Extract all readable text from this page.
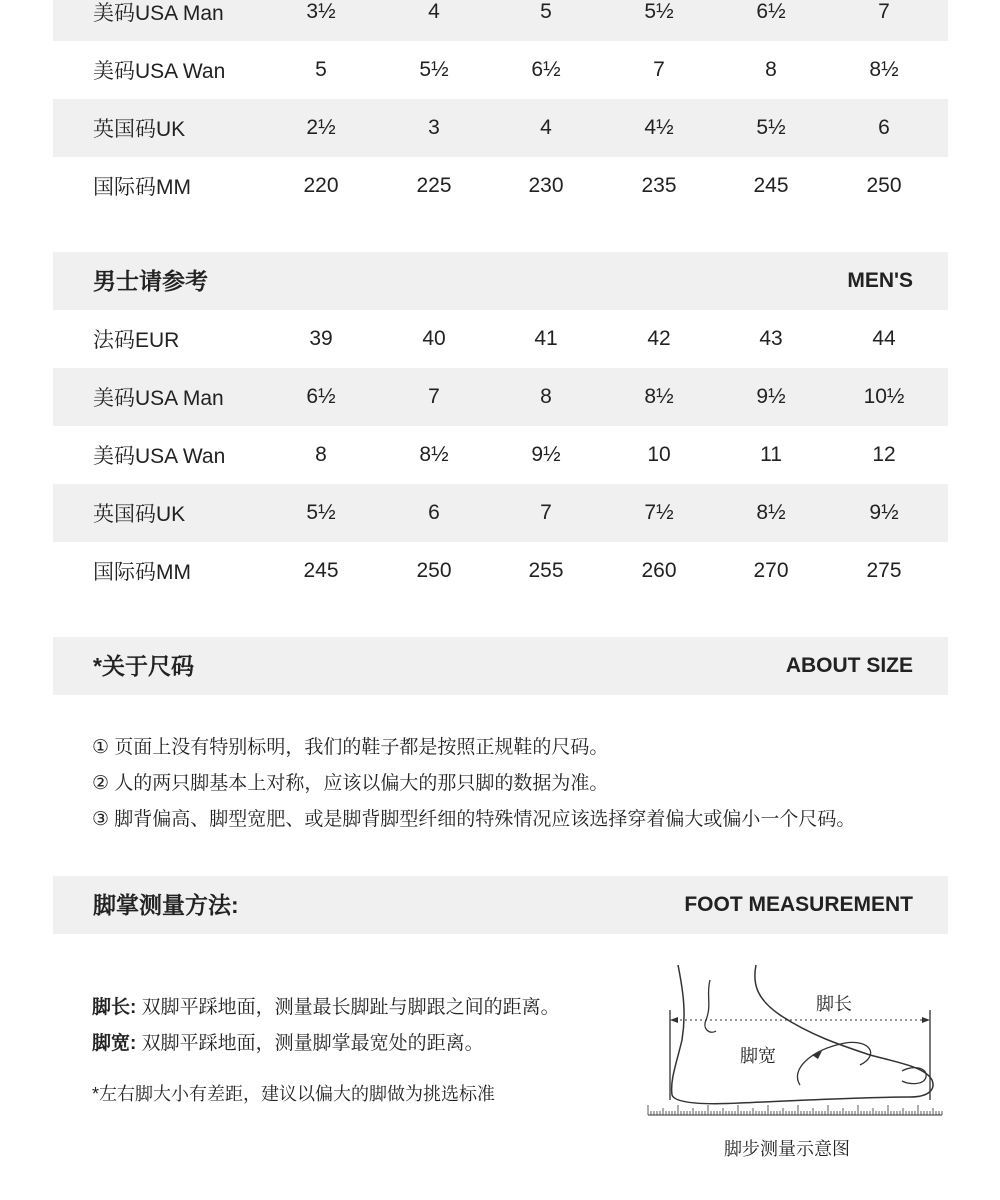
美码USA Man	3½	4	5	5½	6½	7
美码USA Wan	5	5½	6½	7	8	8½
英国码UK	2½	3	4	4½	5½	6
国际码MM	220	225	230	235	245	250
男士请参考	MEN'S
法码EUR	39	40	41	42	43	44
美码USA Man	6½	7	8	8½	9½	10½
美码USA Wan	8	8½	9½	10	11	12
英国码UK	5½	6	7	7½	8½	9½
国际码MM	245	250	255	260	270	275
*关于尺码	ABOUT SIZE
脚掌测量方法:	FOOT MEASUREMENT
① 页面上没有特别标明，我们的鞋子都是按照正规鞋的尺码。
② 人的两只脚基本上对称，应该以偏大的那只脚的数据为准。
③ 脚背偏高、脚型宽肥、或是脚背脚型纤细的特殊情况应该选择穿着偏大或偏小一个尺码。
脚长: 双脚平踩地面，测量最长脚趾与脚跟之间的距离。
脚宽: 双脚平踩地面，测量脚掌最宽处的距离。
*左右脚大小有差距，建议以偏大的脚做为挑选标准
脚长
脚宽
脚步测量示意图
